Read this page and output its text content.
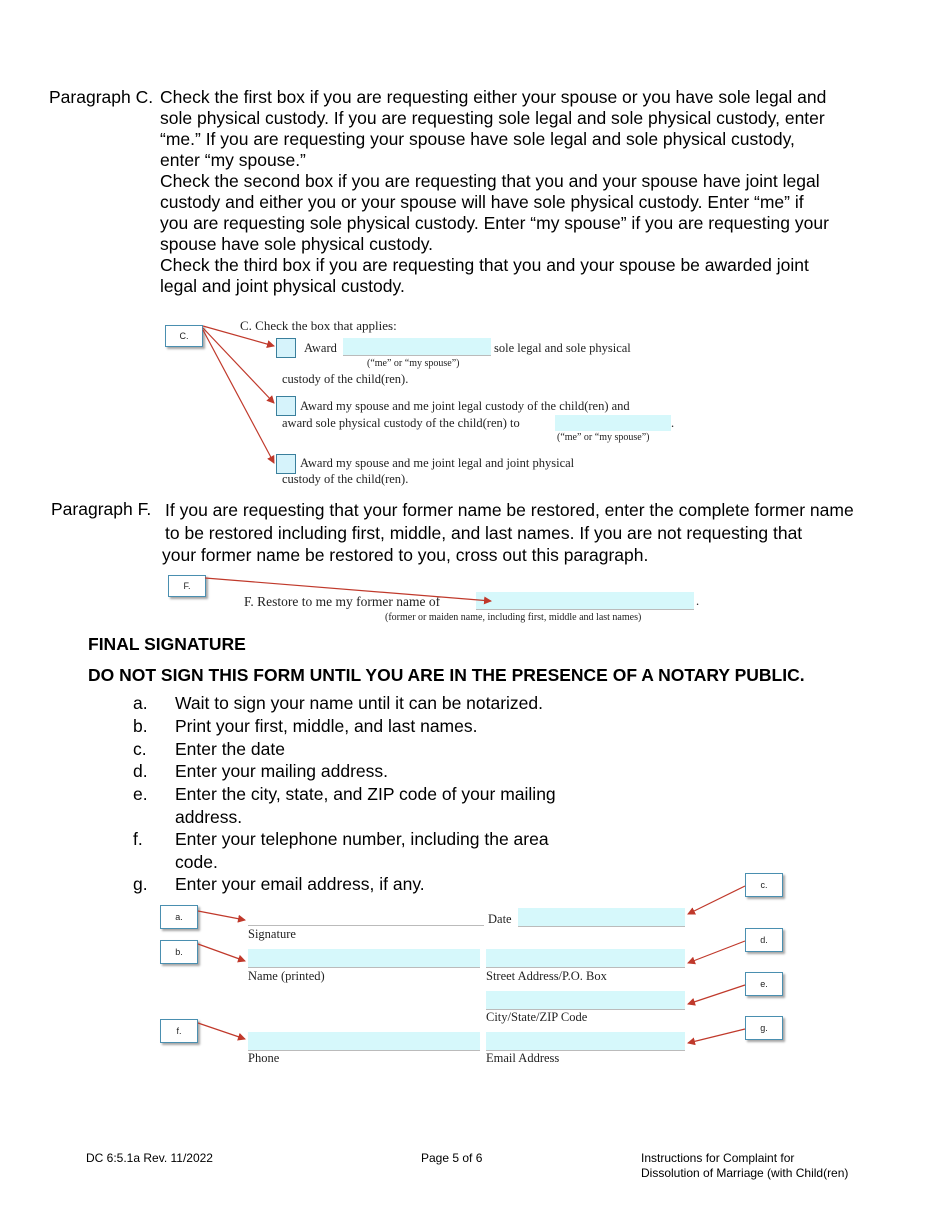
Paragraph C. Check the first box if you are requesting either your spouse or you have sole legal and
sole physical custody. If you are requesting sole legal and sole physical custody, enter
“me.” If you are requesting your spouse have sole legal and sole physical custody,
enter “my spouse.”
Check the second box if you are requesting that you and your spouse have joint legal
custody and either you or your spouse will have sole physical custody. Enter “me” if
you are requesting sole physical custody. Enter “my spouse” if you are requesting your
spouse have sole physical custody.
Check the third box if you are requesting that you and your spouse be awarded joint
legal and joint physical custody.
C.
C. Check the box that applies:
Award	sole legal and sole physical
(“me” or “my spouse”)
custody of the child(ren).
Award my spouse and me joint legal custody of the child(ren) and
award sole physical custody of the child(ren) to	.
(“me” or “my spouse”)
Award my spouse and me joint legal and joint physical
custody of the child(ren).
Paragraph F. If you are requesting that your former name be restored, enter the complete former name
to be restored including first, middle, and last names. If you are not requesting that
your former name be restored to you, cross out this paragraph.
F.
F. Restore to me my former name of	.
(former or maiden name, including first, middle and last names)
FINAL SIGNATURE
DO NOT SIGN THIS FORM UNTIL YOU ARE IN THE PRESENCE OF A NOTARY PUBLIC.
a. Wait to sign your name until it can be notarized.
b. Print your first, middle, and last names.
c. Enter the date
d. Enter your mailing address.
e. Enter the city, state, and ZIP code of your mailing address.
f. Enter your telephone number, including the area code.
g. Enter your email address, if any.
Signature
Date
Name (printed)	Street Address/P.O. Box
City/State/ZIP Code
Phone	Email Address
a.
b.
f.
c.
d.
e.
g.
DC 6:5.1a Rev. 11/2022	Page 5 of 6	Instructions for Complaint for
Dissolution of Marriage (with Child(ren)
